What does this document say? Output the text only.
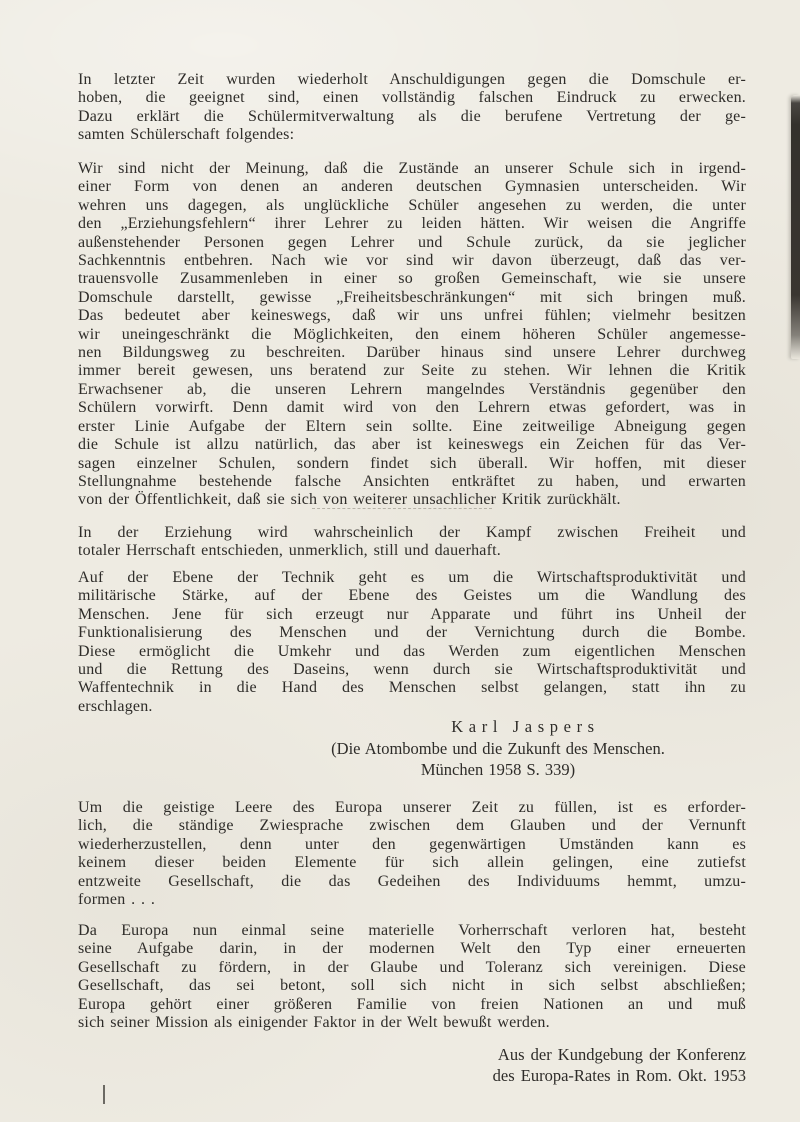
In letzter Zeit wurden wiederholt Anschuldigungen gegen die Domschule er-
hoben, die geeignet sind, einen vollständig falschen Eindruck zu erwecken.
Dazu erklärt die Schülermitverwaltung als die berufene Vertretung der ge-
samten Schülerschaft folgendes:
Wir sind nicht der Meinung, daß die Zustände an unserer Schule sich in irgend-
einer Form von denen an anderen deutschen Gymnasien unterscheiden. Wir
wehren uns dagegen, als unglückliche Schüler angesehen zu werden, die unter
den „Erziehungsfehlern“ ihrer Lehrer zu leiden hätten. Wir weisen die Angriffe
außenstehender Personen gegen Lehrer und Schule zurück, da sie jeglicher
Sachkenntnis entbehren. Nach wie vor sind wir davon überzeugt, daß das ver-
trauensvolle Zusammenleben in einer so großen Gemeinschaft, wie sie unsere
Domschule darstellt, gewisse „Freiheitsbeschränkungen“ mit sich bringen muß.
Das bedeutet aber keineswegs, daß wir uns unfrei fühlen; vielmehr besitzen
wir uneingeschränkt die Möglichkeiten, den einem höheren Schüler angemesse-
nen Bildungsweg zu beschreiten. Darüber hinaus sind unsere Lehrer durchweg
immer bereit gewesen, uns beratend zur Seite zu stehen. Wir lehnen die Kritik
Erwachsener ab, die unseren Lehrern mangelndes Verständnis gegenüber den
Schülern vorwirft. Denn damit wird von den Lehrern etwas gefordert, was in
erster Linie Aufgabe der Eltern sein sollte. Eine zeitweilige Abneigung gegen
die Schule ist allzu natürlich, das aber ist keineswegs ein Zeichen für das Ver-
sagen einzelner Schulen, sondern findet sich überall. Wir hoffen, mit dieser
Stellungnahme bestehende falsche Ansichten entkräftet zu haben, und erwarten
von der Öffentlichkeit, daß sie sich von weiterer unsachlicher Kritik zurückhält.
In der Erziehung wird wahrscheinlich der Kampf zwischen Freiheit und
totaler Herrschaft entschieden, unmerklich, still und dauerhaft.
Auf der Ebene der Technik geht es um die Wirtschaftsproduktivität und
militärische Stärke, auf der Ebene des Geistes um die Wandlung des
Menschen. Jene für sich erzeugt nur Apparate und führt ins Unheil der
Funktionalisierung des Menschen und der Vernichtung durch die Bombe.
Diese ermöglicht die Umkehr und das Werden zum eigentlichen Menschen
und die Rettung des Daseins, wenn durch sie Wirtschaftsproduktivität und
Waffentechnik in die Hand des Menschen selbst gelangen, statt ihn zu
erschlagen.
Karl Jaspers
(Die Atombombe und die Zukunft des Menschen.
München 1958 S. 339)
Um die geistige Leere des Europa unserer Zeit zu füllen, ist es erforder-
lich, die ständige Zwiesprache zwischen dem Glauben und der Vernunft
wiederherzustellen, denn unter den gegenwärtigen Umständen kann es
keinem dieser beiden Elemente für sich allein gelingen, eine zutiefst
entzweite Gesellschaft, die das Gedeihen des Individuums hemmt, umzu-
formen . . .
Da Europa nun einmal seine materielle Vorherrschaft verloren hat, besteht
seine Aufgabe darin, in der modernen Welt den Typ einer erneuerten
Gesellschaft zu fördern, in der Glaube und Toleranz sich vereinigen. Diese
Gesellschaft, das sei betont, soll sich nicht in sich selbst abschließen;
Europa gehört einer größeren Familie von freien Nationen an und muß
sich seiner Mission als einigender Faktor in der Welt bewußt werden.
Aus der Kundgebung der Konferenz
des Europa-Rates in Rom. Okt. 1953
